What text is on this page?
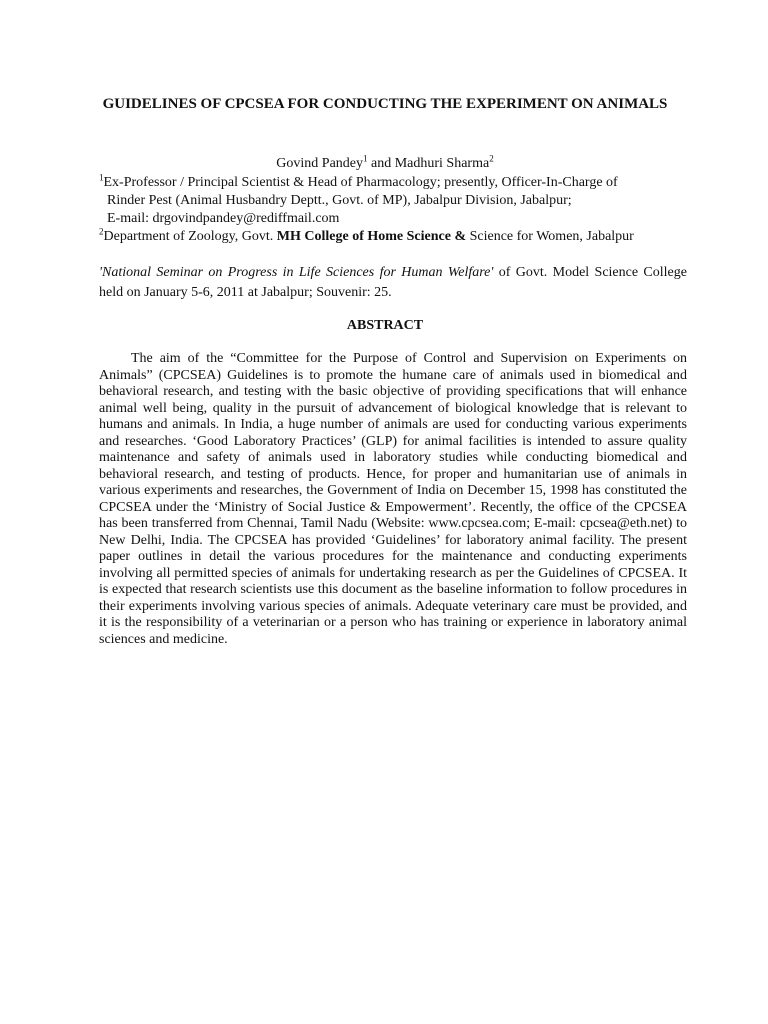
GUIDELINES OF CPCSEA FOR CONDUCTING THE EXPERIMENT ON ANIMALS

Govind Pandey$^1$ and Madhuri Sharma$^2$

$^1$Ex-Professor / Principal Scientist & Head of Pharmacology; presently, Officer-In-Charge of
Rinder Pest (Animal Husbandry Deptt., Govt. of MP), Jabalpur Division, Jabalpur;
E-mail: drgovindpandey@rediffmail.com
$^2$Department of Zoology, Govt. MH College of Home Science & Science for Women, Jabalpur

'National Seminar on Progress in Life Sciences for Human Welfare' of Govt. Model Science College held on January 5-6, 2011 at Jabalpur; Souvenir: 25.

ABSTRACT

The aim of the “Committee for the Purpose of Control and Supervision on Experiments on Animals” (CPCSEA) Guidelines is to promote the humane care of animals used in biomedical and behavioral research, and testing with the basic objective of providing specifications that will enhance animal well being, quality in the pursuit of advancement of biological knowledge that is relevant to humans and animals. In India, a huge number of animals are used for conducting various experiments and researches. ‘Good Laboratory Practices’ (GLP) for animal facilities is intended to assure quality maintenance and safety of animals used in laboratory studies while conducting biomedical and behavioral research, and testing of products. Hence, for proper and humanitarian use of animals in various experiments and researches, the Government of India on December 15, 1998 has constituted the CPCSEA under the ‘Ministry of Social Justice & Empowerment’. Recently, the office of the CPCSEA has been transferred from Chennai, Tamil Nadu (Website: www.cpcsea.com; E-mail: cpcsea@eth.net) to New Delhi, India. The CPCSEA has provided ‘Guidelines’ for laboratory animal facility. The present paper outlines in detail the various procedures for the maintenance and conducting experiments involving all permitted species of animals for undertaking research as per the Guidelines of CPCSEA. It is expected that research scientists use this document as the baseline information to follow procedures in their experiments involving various species of animals. Adequate veterinary care must be provided, and it is the responsibility of a veterinarian or a person who has training or experience in laboratory animal sciences and medicine.
